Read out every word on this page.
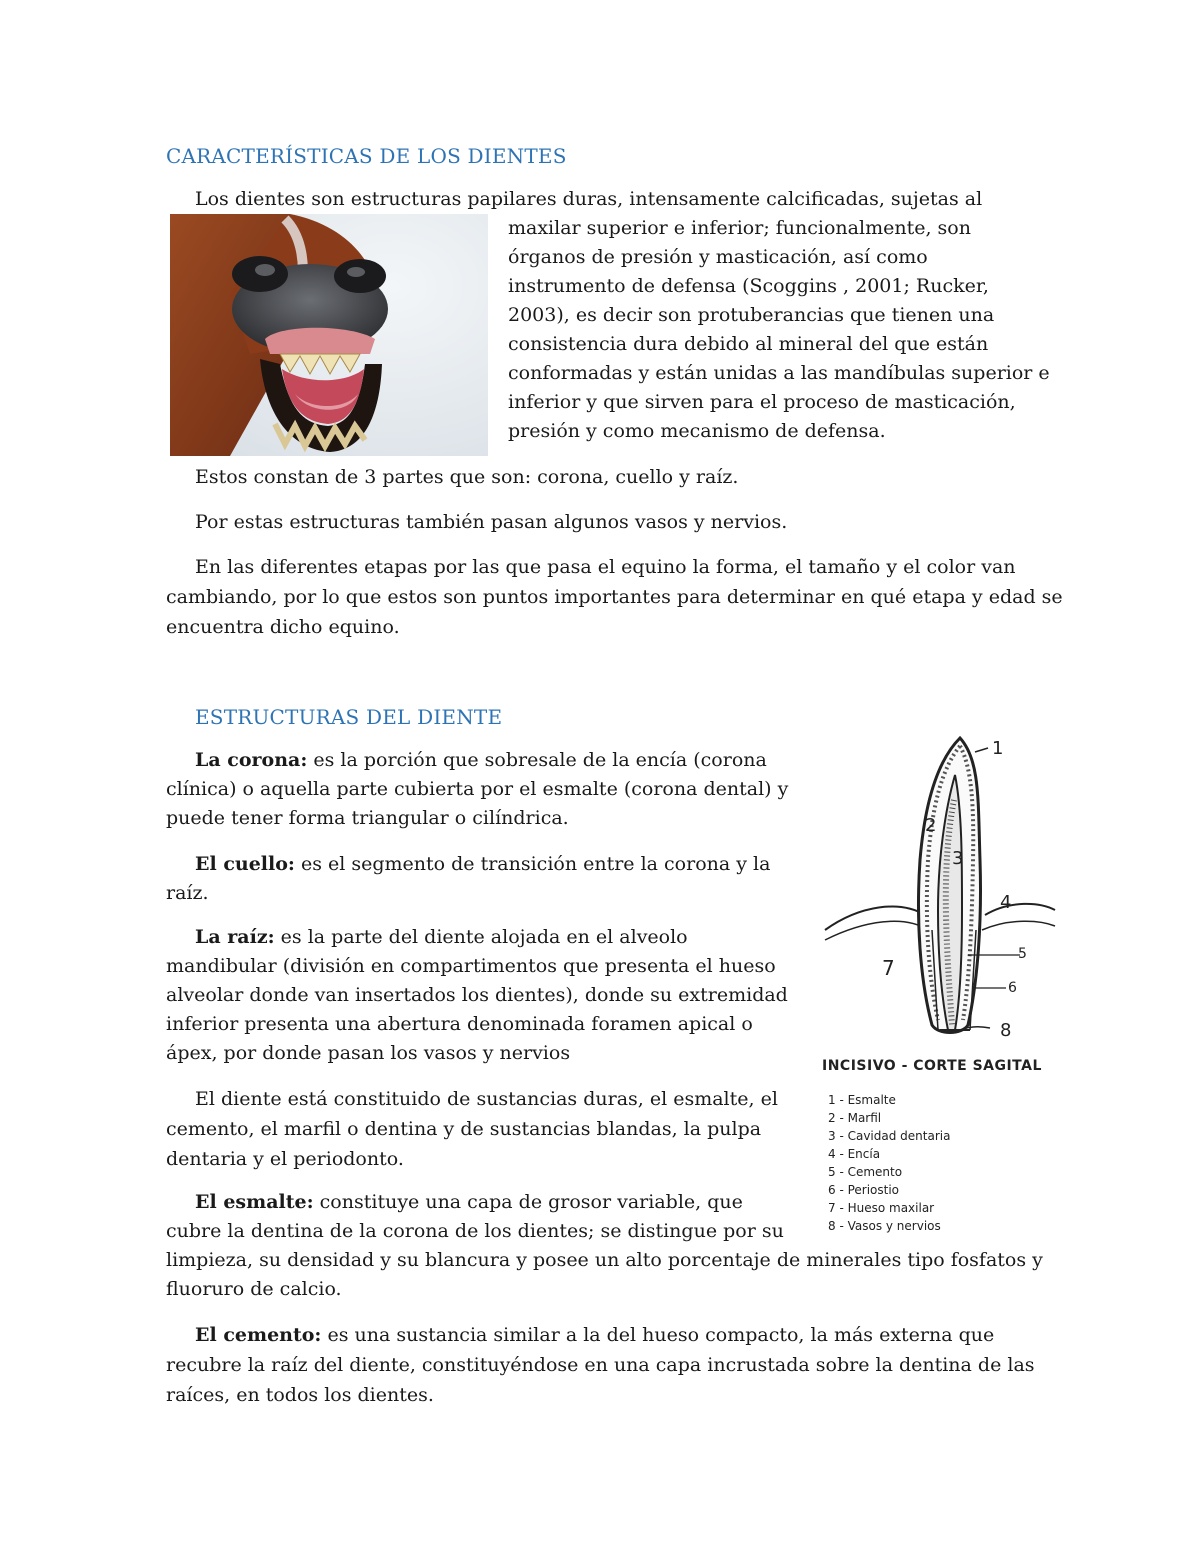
CARACTERÍSTICAS DE LOS DIENTES
Los dientes son estructuras papilares duras, intensamente calcificadas, sujetas al
maxilar superior e inferior; funcionalmente, son
órganos de presión y masticación, así como
instrumento de defensa (Scoggins , 2001; Rucker,
2003), es decir son protuberancias que tienen una
consistencia dura debido al mineral del que están
conformadas y están unidas a las mandíbulas superior e
inferior y que sirven para el proceso de masticación,
presión y como mecanismo de defensa.
Estos constan de 3 partes que son: corona, cuello y raíz.
Por estas estructuras también pasan algunos vasos y nervios.
En las diferentes etapas por las que pasa el equino la forma, el tamaño y el color van
cambiando, por lo que estos son puntos importantes para determinar en qué etapa y edad se
encuentra dicho equino.
ESTRUCTURAS DEL DIENTE
La corona: es la porción que sobresale de la encía (corona
clínica) o aquella parte cubierta por el esmalte (corona dental) y
puede tener forma triangular o cilíndrica.
El cuello: es el segmento de transición entre la corona y la
raíz.
La raíz: es la parte del diente alojada en el alveolo
mandibular (división en compartimentos que presenta el hueso
alveolar donde van insertados los dientes), donde su extremidad
inferior presenta una abertura denominada foramen apical o
ápex, por donde pasan los vasos y nervios
El diente está constituido de sustancias duras, el esmalte, el
cemento, el marfil o dentina y de sustancias blandas, la pulpa
dentaria y el periodonto.
El esmalte: constituye una capa de grosor variable, que
cubre la dentina de la corona de los dientes; se distingue por su
limpieza, su densidad y su blancura y posee un alto porcentaje de minerales tipo fosfatos y
fluoruro de calcio.
El cemento: es una sustancia similar a la del hueso compacto, la más externa que
recubre la raíz del diente, constituyéndose en una capa incrustada sobre la dentina de las
raíces, en todos los dientes.
INCISIVO - CORTE SAGITAL
1
2
3
4
5
6
7
8
1 - Esmalte
2 - Marfil
3 - Cavidad dentaria
4 - Encía
5 - Cemento
6 - Periostio
7 - Hueso maxilar
8 - Vasos y nervios
